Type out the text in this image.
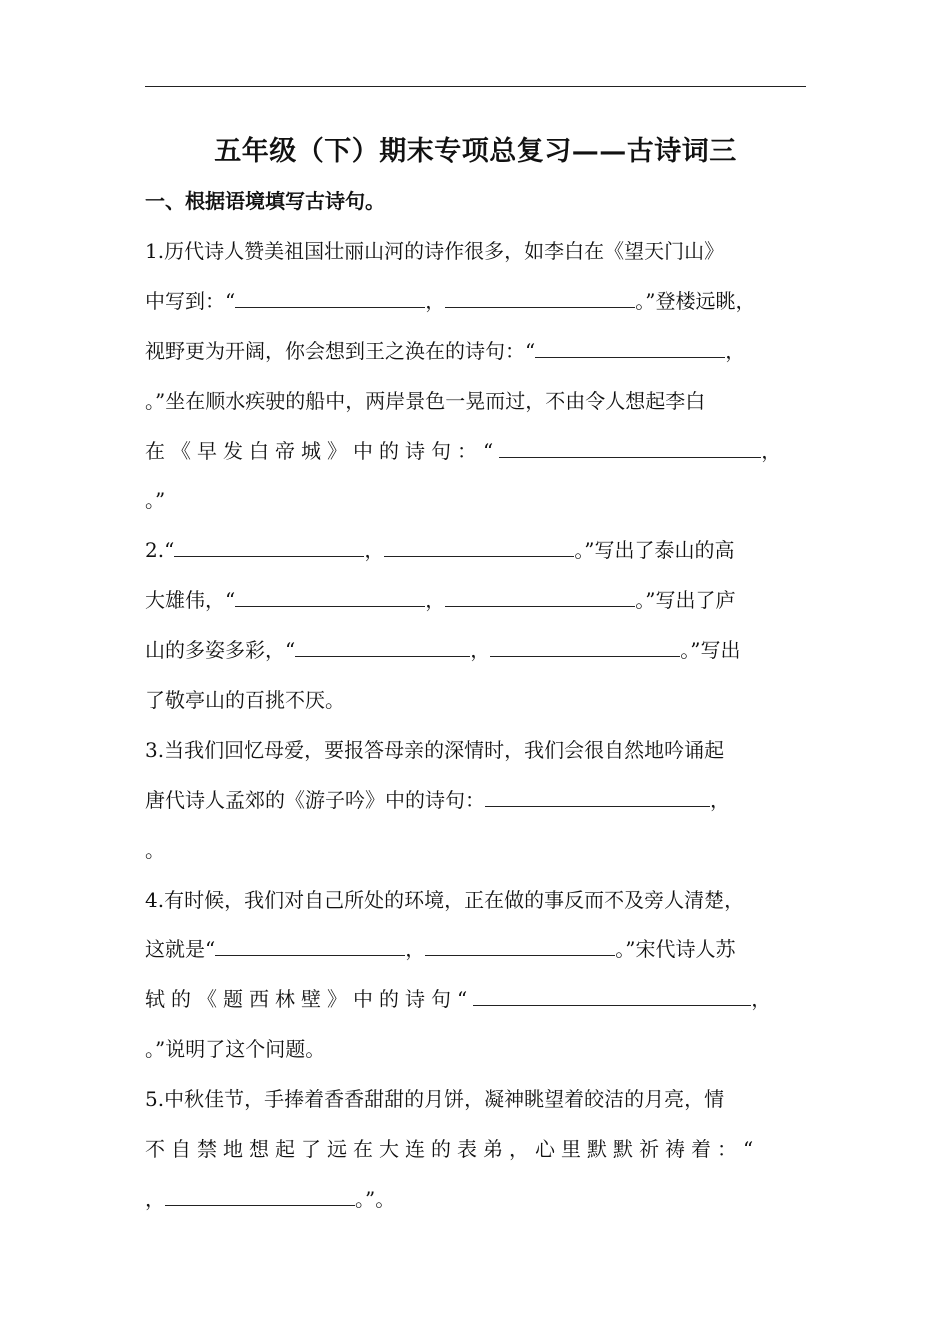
五年级（下）期末专项总复习——古诗词三
一、根据语境填写古诗句。
1.历代诗人赞美祖国壮丽山河的诗作很多，如李白在《望天门山》
中写到：“	，	。”登楼远眺，
视野更为开阔，你会想到王之涣在的诗句：“	，
。”坐在顺水疾驶的船中，两岸景色一晃而过，不由令人想起李白
在《早发白帝城》中的诗句：“	，
。”
2.“	，	。”写出了泰山的高
大雄伟，“	，	。”写出了庐
山的多姿多彩，“	，	。”写出
了敬亭山的百挑不厌。
3.当我们回忆母爱，要报答母亲的深情时，我们会很自然地吟诵起
唐代诗人孟郊的《游子吟》中的诗句：	，
。
4.有时候，我们对自己所处的环境，正在做的事反而不及旁人清楚，
这就是“	，	。”宋代诗人苏
轼的《题西林壁》中的诗句“	，
。”说明了这个问题。
5.中秋佳节，手捧着香香甜甜的月饼，凝神眺望着皎洁的月亮，情
不自禁地想起了远在大连的表弟，心里默默祈祷着：“
，	。”。
